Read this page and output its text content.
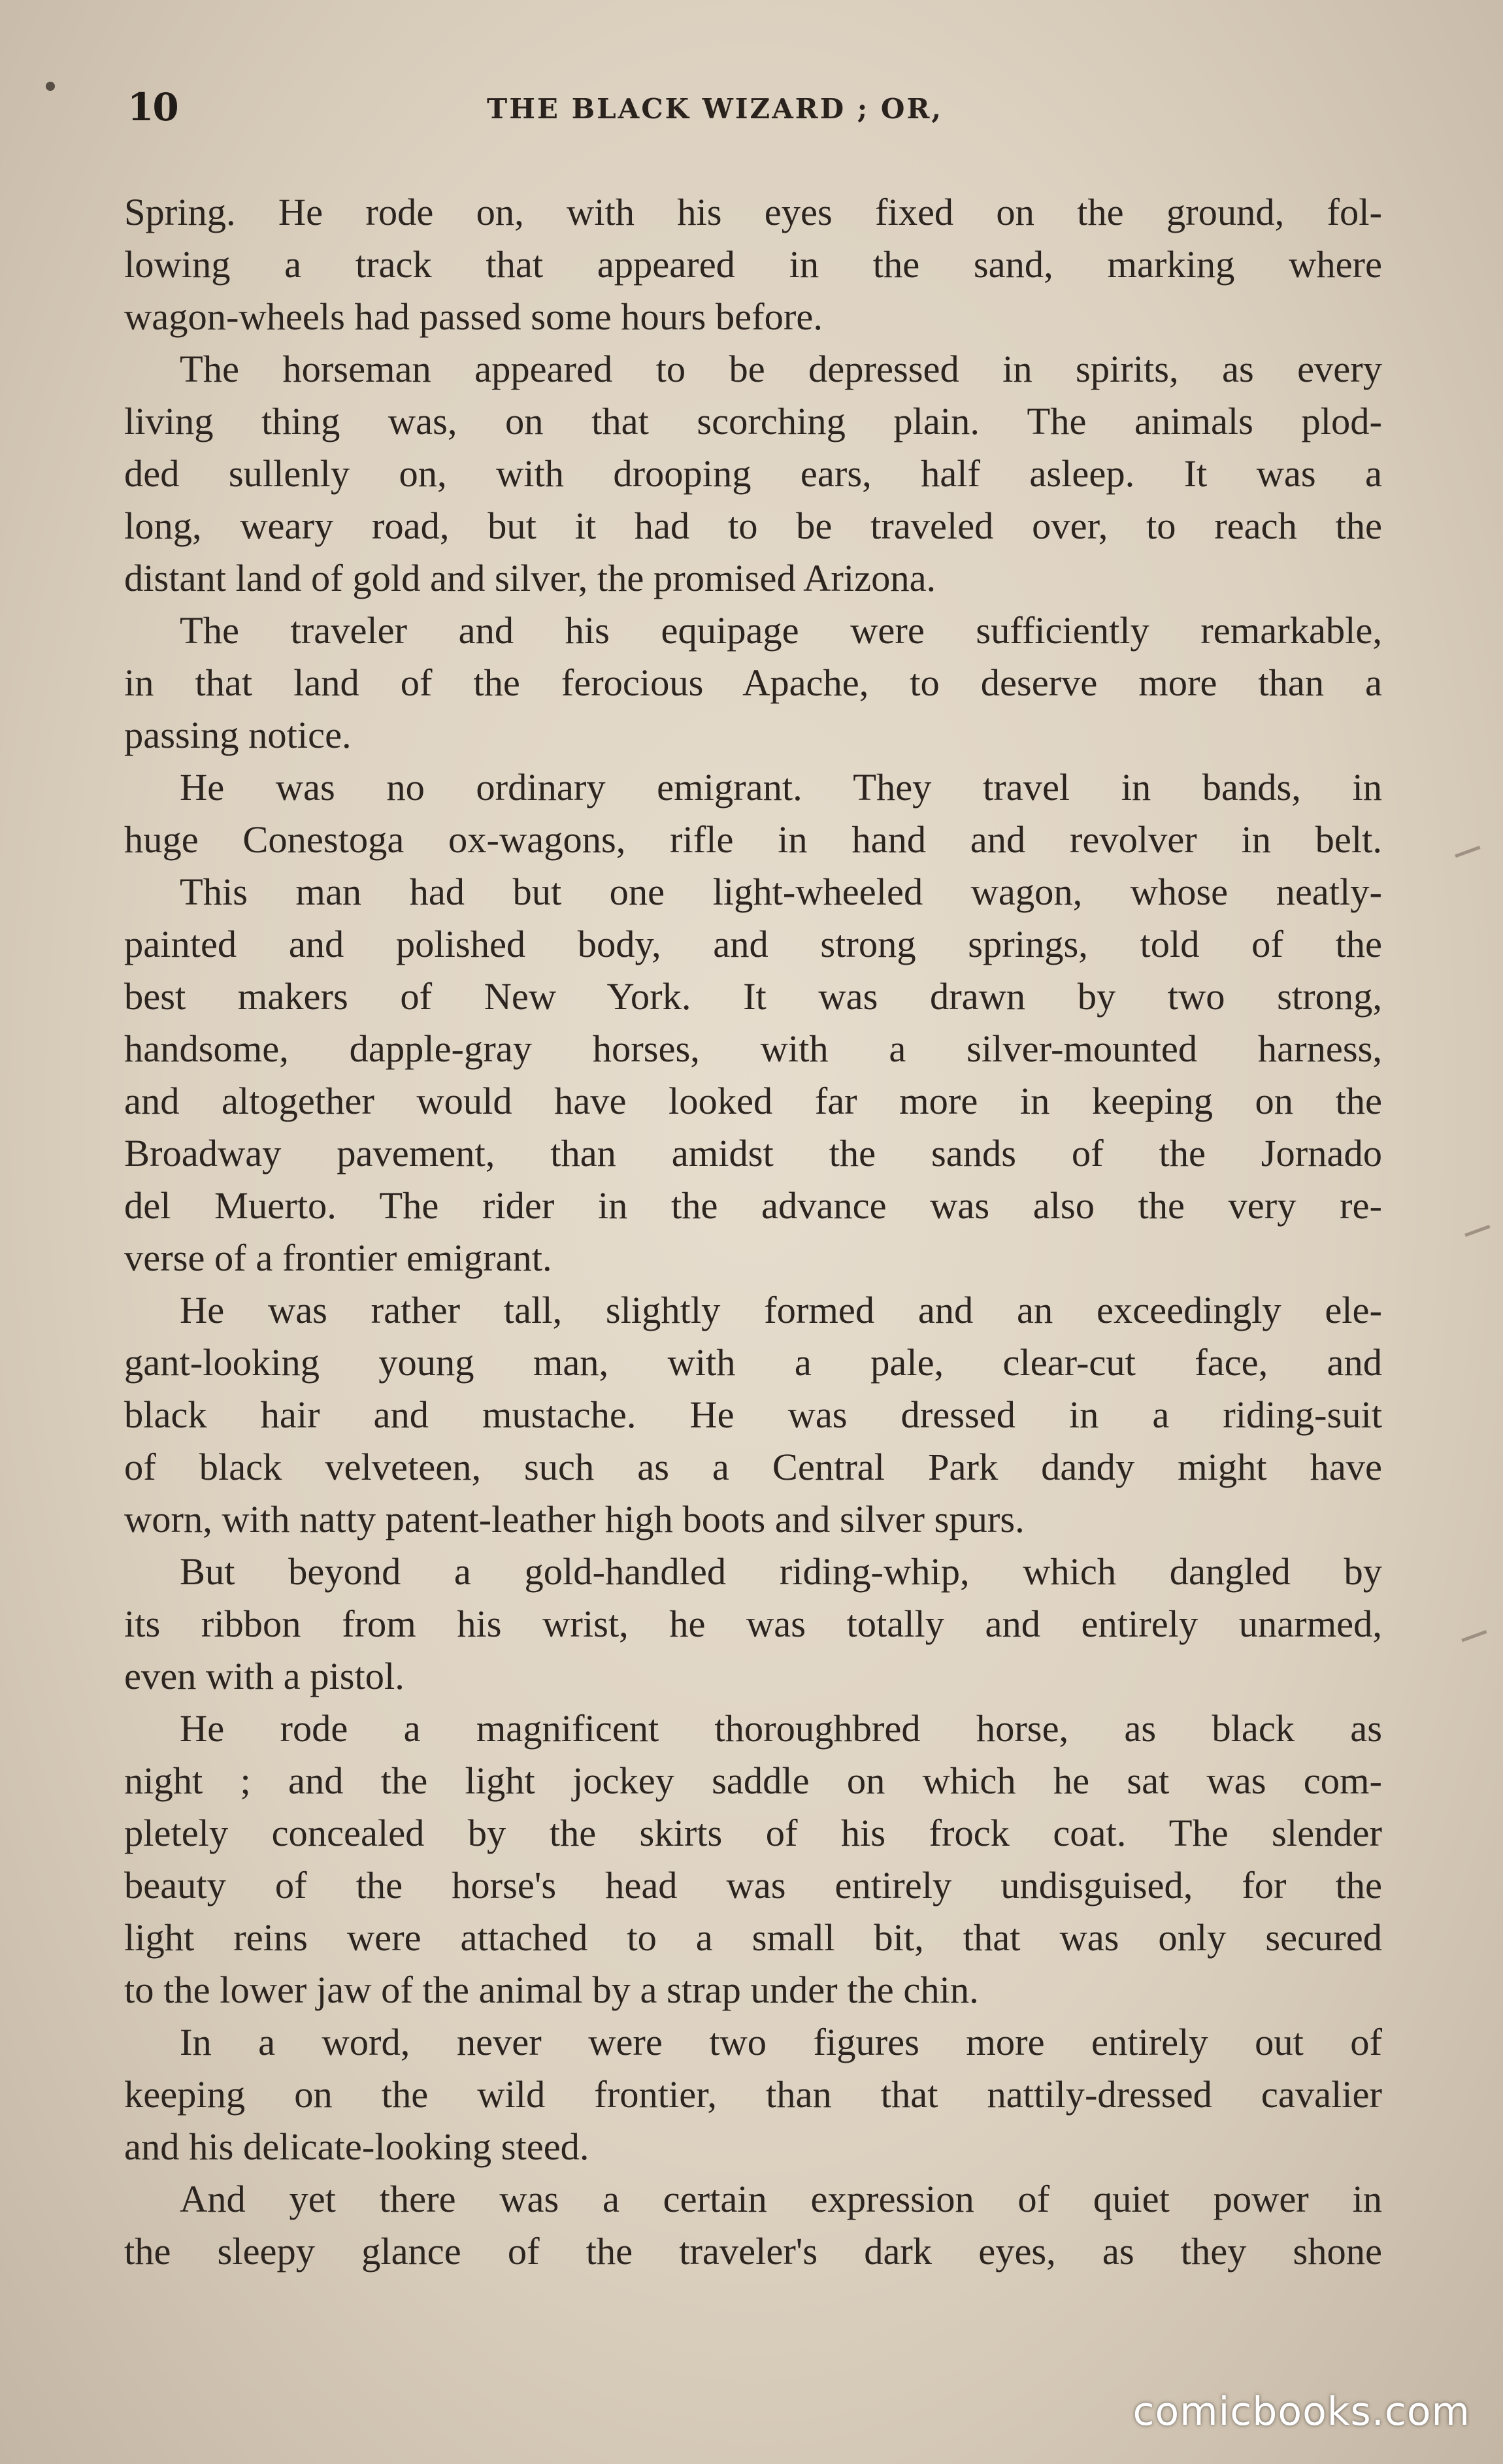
10	THE BLACK WIZARD ; OR,
Spring. He rode on, with his eyes fixed on the ground, fol-
lowing a track that appeared in the sand, marking where
wagon-wheels had passed some hours before.
The horseman appeared to be depressed in spirits, as every
living thing was, on that scorching plain. The animals plod-
ded sullenly on, with drooping ears, half asleep. It was a
long, weary road, but it had to be traveled over, to reach the
distant land of gold and silver, the promised Arizona.
The traveler and his equipage were sufficiently remarkable,
in that land of the ferocious Apache, to deserve more than a
passing notice.
He was no ordinary emigrant. They travel in bands, in
huge Conestoga ox-wagons, rifle in hand and revolver in belt.
This man had but one light-wheeled wagon, whose neatly-
painted and polished body, and strong springs, told of the
best makers of New York. It was drawn by two strong,
handsome, dapple-gray horses, with a silver-mounted harness,
and altogether would have looked far more in keeping on the
Broadway pavement, than amidst the sands of the Jornado
del Muerto. The rider in the advance was also the very re-
verse of a frontier emigrant.
He was rather tall, slightly formed and an exceedingly ele-
gant-looking young man, with a pale, clear-cut face, and
black hair and mustache. He was dressed in a riding-suit
of black velveteen, such as a Central Park dandy might have
worn, with natty patent-leather high boots and silver spurs.
But beyond a gold-handled riding-whip, which dangled by
its ribbon from his wrist, he was totally and entirely unarmed,
even with a pistol.
He rode a magnificent thoroughbred horse, as black as
night ; and the light jockey saddle on which he sat was com-
pletely concealed by the skirts of his frock coat. The slender
beauty of the horse's head was entirely undisguised, for the
light reins were attached to a small bit, that was only secured
to the lower jaw of the animal by a strap under the chin.
In a word, never were two figures more entirely out of
keeping on the wild frontier, than that nattily-dressed cavalier
and his delicate-looking steed.
And yet there was a certain expression of quiet power in
the sleepy glance of the traveler's dark eyes, as they shone
comicbooks.com
